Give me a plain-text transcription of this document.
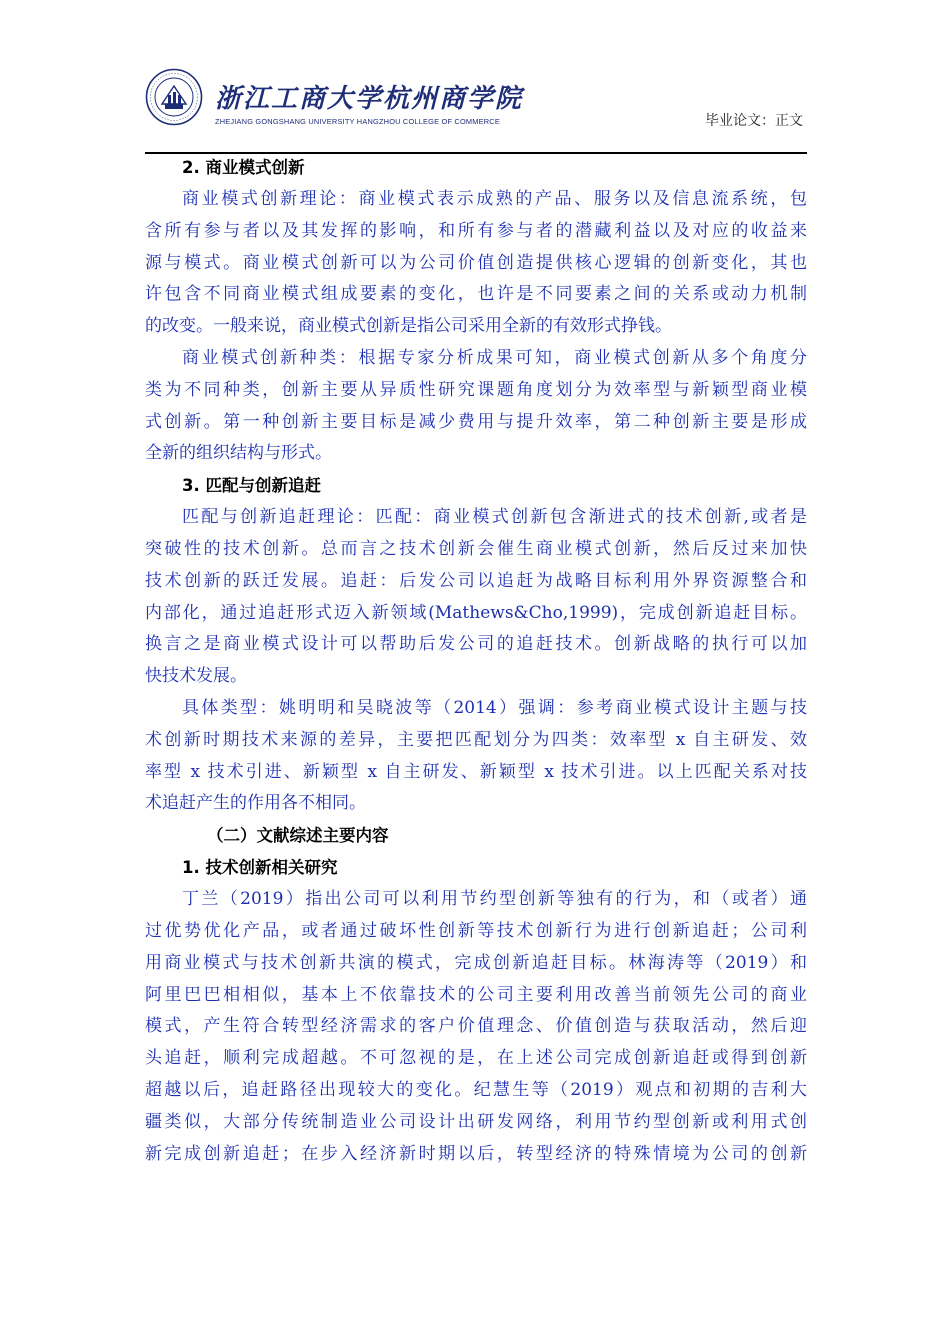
浙江工商大学杭州商学院
ZHEJIANG GONGSHANG UNIVERSITY HANGZHOU COLLEGE OF COMMERCE	毕业论文：正文
2. 商业模式创新

商业模式创新理论：商业模式表示成熟的产品、服务以及信息流系统，包
含所有参与者以及其发挥的影响，和所有参与者的潜藏利益以及对应的收益来
源与模式。商业模式创新可以为公司价值创造提供核心逻辑的创新变化，其也
许包含不同商业模式组成要素的变化，也许是不同要素之间的关系或动力机制
的改变。一般来说，商业模式创新是指公司采用全新的有效形式挣钱。

商业模式创新种类：根据专家分析成果可知，商业模式创新从多个角度分
类为不同种类，创新主要从异质性研究课题角度划分为效率型与新颖型商业模
式创新。第一种创新主要目标是减少费用与提升效率，第二种创新主要是形成
全新的组织结构与形式。

3. 匹配与创新追赶

匹配与创新追赶理论：匹配：商业模式创新包含渐进式的技术创新,或者是
突破性的技术创新。总而言之技术创新会催生商业模式创新，然后反过来加快
技术创新的跃迁发展。追赶：后发公司以追赶为战略目标利用外界资源整合和
内部化，通过追赶形式迈入新领域(Mathews&Cho,1999)，完成创新追赶目标。
换言之是商业模式设计可以帮助后发公司的追赶技术。创新战略的执行可以加
快技术发展。

具体类型：姚明明和吴晓波等（2014）强调：参考商业模式设计主题与技
术创新时期技术来源的差异，主要把匹配划分为四类：效率型 x 自主研发、效
率型 x 技术引进、新颖型 x 自主研发、新颖型 x 技术引进。以上匹配关系对技
术追赶产生的作用各不相同。

（二）文献综述主要内容
1. 技术创新相关研究

丁兰（2019）指出公司可以利用节约型创新等独有的行为，和（或者）通
过优势优化产品，或者通过破坏性创新等技术创新行为进行创新追赶；公司利
用商业模式与技术创新共演的模式，完成创新追赶目标。林海涛等（2019）和
阿里巴巴相相似，基本上不依靠技术的公司主要利用改善当前领先公司的商业
模式，产生符合转型经济需求的客户价值理念、价值创造与获取活动，然后迎
头追赶，顺利完成超越。不可忽视的是，在上述公司完成创新追赶或得到创新
超越以后，追赶路径出现较大的变化。纪慧生等（2019）观点和初期的吉利大
疆类似，大部分传统制造业公司设计出研发网络，利用节约型创新或利用式创
新完成创新追赶；在步入经济新时期以后，转型经济的特殊情境为公司的创新
